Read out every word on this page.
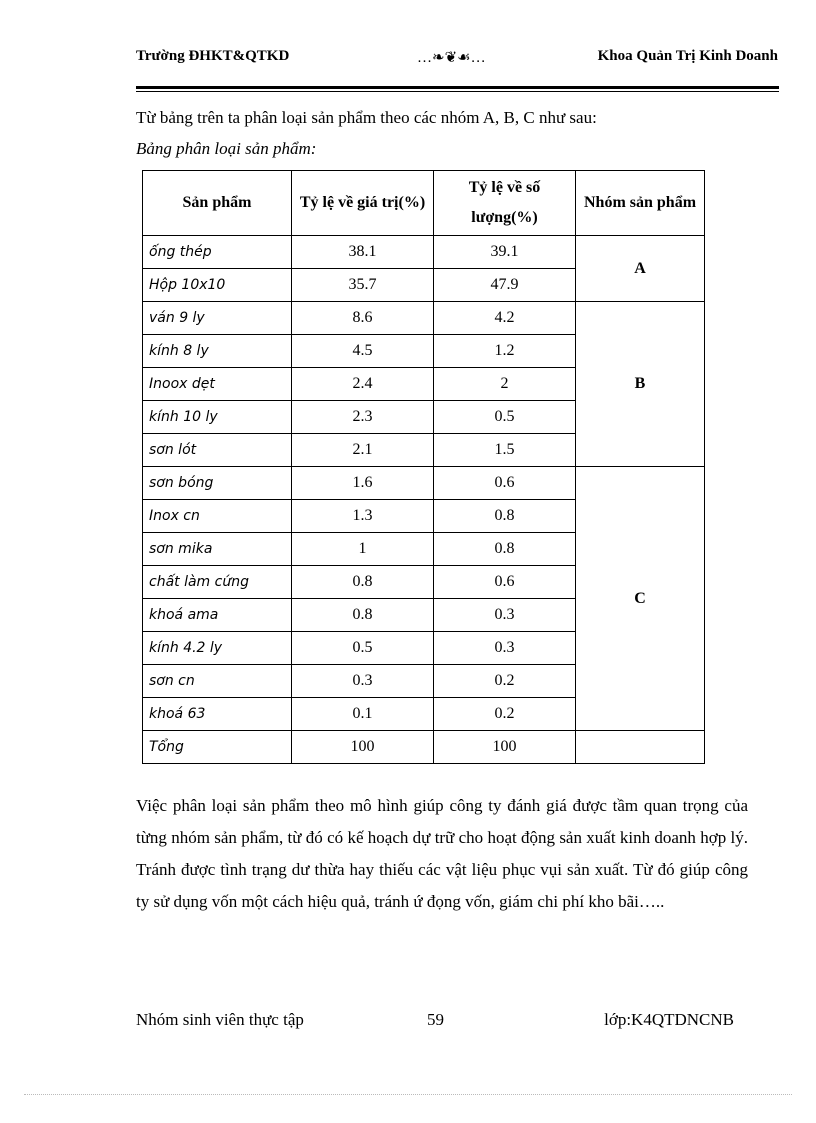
Trường ĐHKT&QTKD	…❧❦☙…	Khoa Quản Trị Kinh Doanh
Từ bảng trên ta phân loại sản phẩm theo các nhóm A, B, C như sau:
Bảng phân loại sản phẩm:
Sản phẩm	Tỷ lệ về giá trị(%)	Tỷ lệ về số lượng(%)	Nhóm sản phẩm
ống thép	38.1	39.1	A
Hộp 10x10	35.7	47.9	
ván 9 ly	8.6	4.2	B
kính 8 ly	4.5	1.2	
Inoox dẹt	2.4	2	
kính 10 ly	2.3	0.5	
sơn lót	2.1	1.5	
sơn bóng	1.6	0.6	C
Inox cn	1.3	0.8	
sơn mika	1	0.8	
chất làm cứng	0.8	0.6	
khoá ama	0.8	0.3	
kính 4.2 ly	0.5	0.3	
sơn cn	0.3	0.2	
khoá 63	0.1	0.2	
Tổng	100	100	
Việc phân loại sản phẩm theo mô hình giúp công ty đánh giá được tầm quan trọng của từng nhóm sản phẩm, từ đó có kế hoạch dự trữ cho hoạt động sản xuất kinh doanh hợp lý. Tránh được tình trạng dư thừa hay thiếu các vật liệu phục vụi sản xuất. Từ đó giúp công ty sử dụng vốn một cách hiệu quả, tránh ứ đọng vốn, giám chi phí kho bãi…..
Nhóm sinh viên thực tập	59	lớp:K4QTDNCNB
